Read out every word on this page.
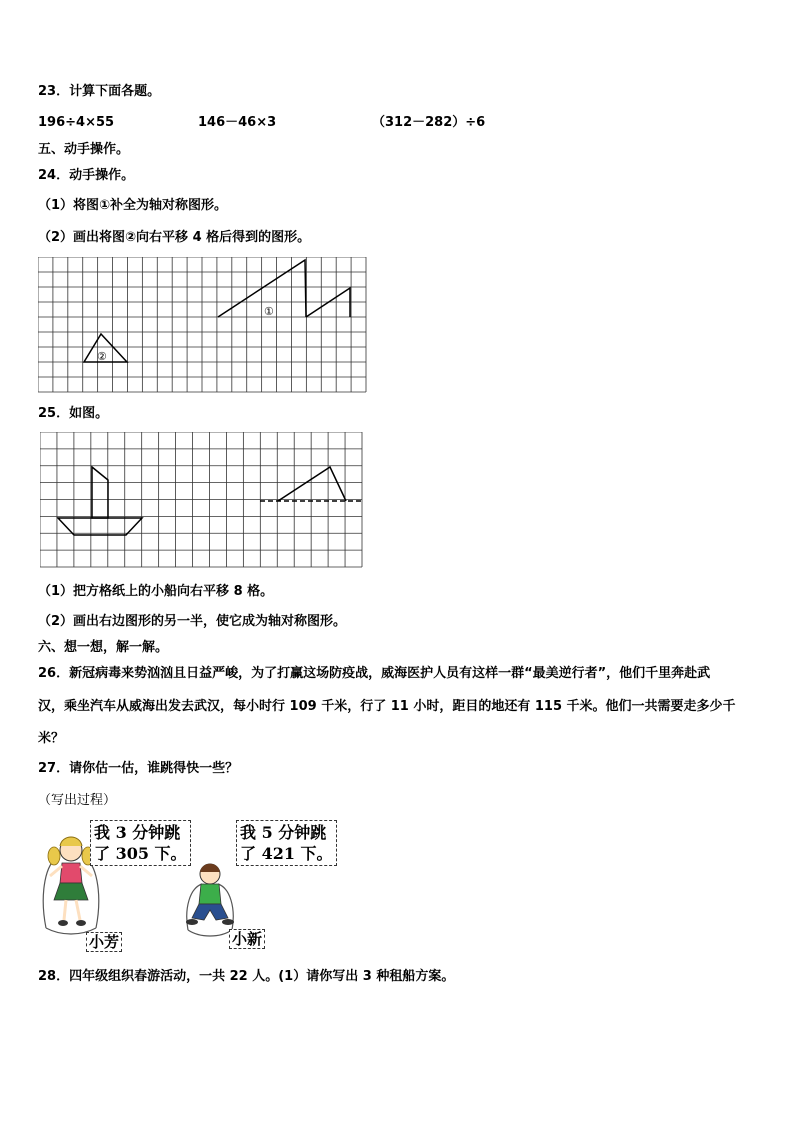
23．计算下面各题。
196÷4×55	146－46×3	（312－282）÷6
五、动手操作。
24．动手操作。
（1）将图①补全为轴对称图形。
（2）画出将图②向右平移 4 格后得到的图形。
①
②
25．如图。
（1）把方格纸上的小船向右平移 8 格。
（2）画出右边图形的另一半，使它成为轴对称图形。
六、想一想，解一解。
26．新冠病毒来势汹汹且日益严峻，为了打赢这场防疫战，威海医护人员有这样一群“最美逆行者”，他们千里奔赴武
汉，乘坐汽车从威海出发去武汉，每小时行 109 千米，行了 11 小时，距目的地还有 115 千米。他们一共需要走多少千
米？
27．请你估一估，谁跳得快一些？
（写出过程）
我 3 分钟跳
了 305 下。
小芳
我 5 分钟跳
了 421 下。
小新
28．四年级组织春游活动，一共 22 人。(1）请你写出 3 种租船方案。
